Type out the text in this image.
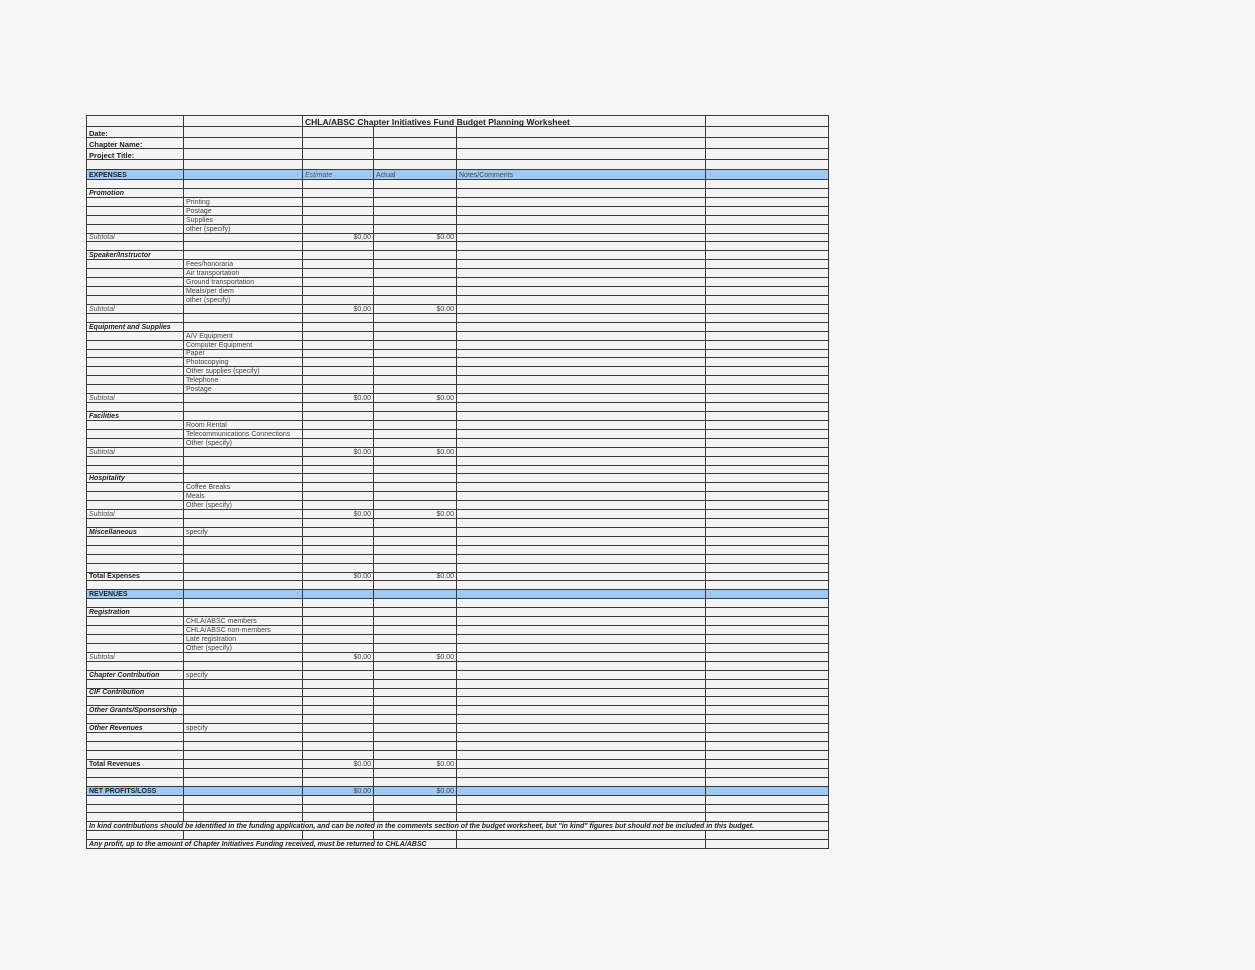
		CHLA/ABSC Chapter Initiatives Fund Budget Planning Worksheet			
Date:					
Chapter Name:					
Project Title:					

EXPENSES		Estimate	Actual	Notes/Comments	

Promotion					
	Printing				
	Postage				
	Supplies				
	other (specify)				
Subtotal		$0.00	$0.00		

Speaker/Instructor					
	Fees/honoraria				
	Air transportation				
	Ground transportation				
	Meals/per diem				
	other (specify)				
Subtotal		$0.00	$0.00		

Equipment and Supplies					
	A/V Equipment				
	Computer Equipment				
	Paper				
	Photocopying				
	Other supplies (specify)				
	Telephone				
	Postage				
Subtotal		$0.00	$0.00		

Facilities					
	Room Rental				
	Telecommunications Connections				
	Other (specify)				
Subtotal		$0.00	$0.00		

Hospitality					
	Coffee Breaks				
	Meals				
	Other (specify)				
Subtotal		$0.00	$0.00		

Miscellaneous	specify				

Total Expenses		$0.00	$0.00		

REVENUES					

Registration					
	CHLA/ABSC members				
	CHLA/ABSC non-members				
	Late registration				
	Other (specify)				
Subtotal		$0.00	$0.00		

Chapter Contribution	specify				

CIF Contribution					

Other Grants/Sponsorship					

Other Revenues	specify				

Total Revenues		$0.00	$0.00		

NET PROFITS/LOSS		$0.00	$0.00		

In kind contributions should be identified in the funding application, and can be noted in the comments section of the budget worksheet, but "in kind" figures but should not be included in this budget.					

Any profit, up to the amount of Chapter Initiatives Funding received, must be returned to CHLA/ABSC					
